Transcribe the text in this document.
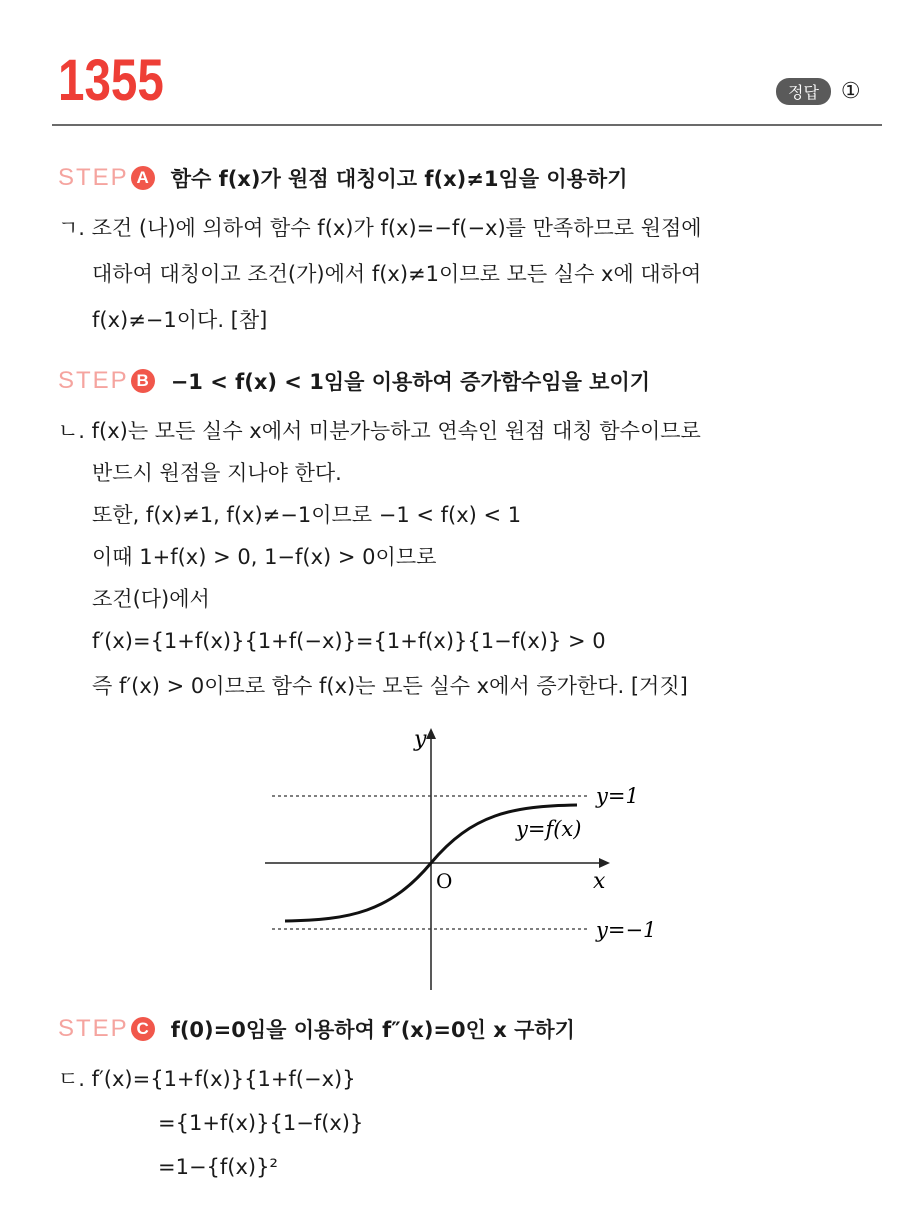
1355	정답	①
STEP A 함수 f(x)가 원점 대칭이고 f(x)≠1임을 이용하기
ㄱ. 조건 (나)에 의하여 함수 f(x)가 f(x)=−f(−x)를 만족하므로 원점에
대하여 대칭이고 조건(가)에서 f(x)≠1이므로 모든 실수 x에 대하여
f(x)≠−1이다. [참]
STEP B −1 < f(x) < 1임을 이용하여 증가함수임을 보이기
ㄴ. f(x)는 모든 실수 x에서 미분가능하고 연속인 원점 대칭 함수이므로
반드시 원점을 지나야 한다.
또한, f(x)≠1, f(x)≠−1이므로 −1 < f(x) < 1
이때 1+f(x) > 0, 1−f(x) > 0이므로
조건(다)에서
f′(x)={1+f(x)}{1+f(−x)}={1+f(x)}{1−f(x)} > 0
즉 f′(x) > 0이므로 함수 f(x)는 모든 실수 x에서 증가한다. [거짓]
y
x
O
y=1
y=−1
y=f(x)
STEP C f(0)=0임을 이용하여 f″(x)=0인 x 구하기
ㄷ. f′(x)={1+f(x)}{1+f(−x)}
={1+f(x)}{1−f(x)}
=1−{f(x)}²
